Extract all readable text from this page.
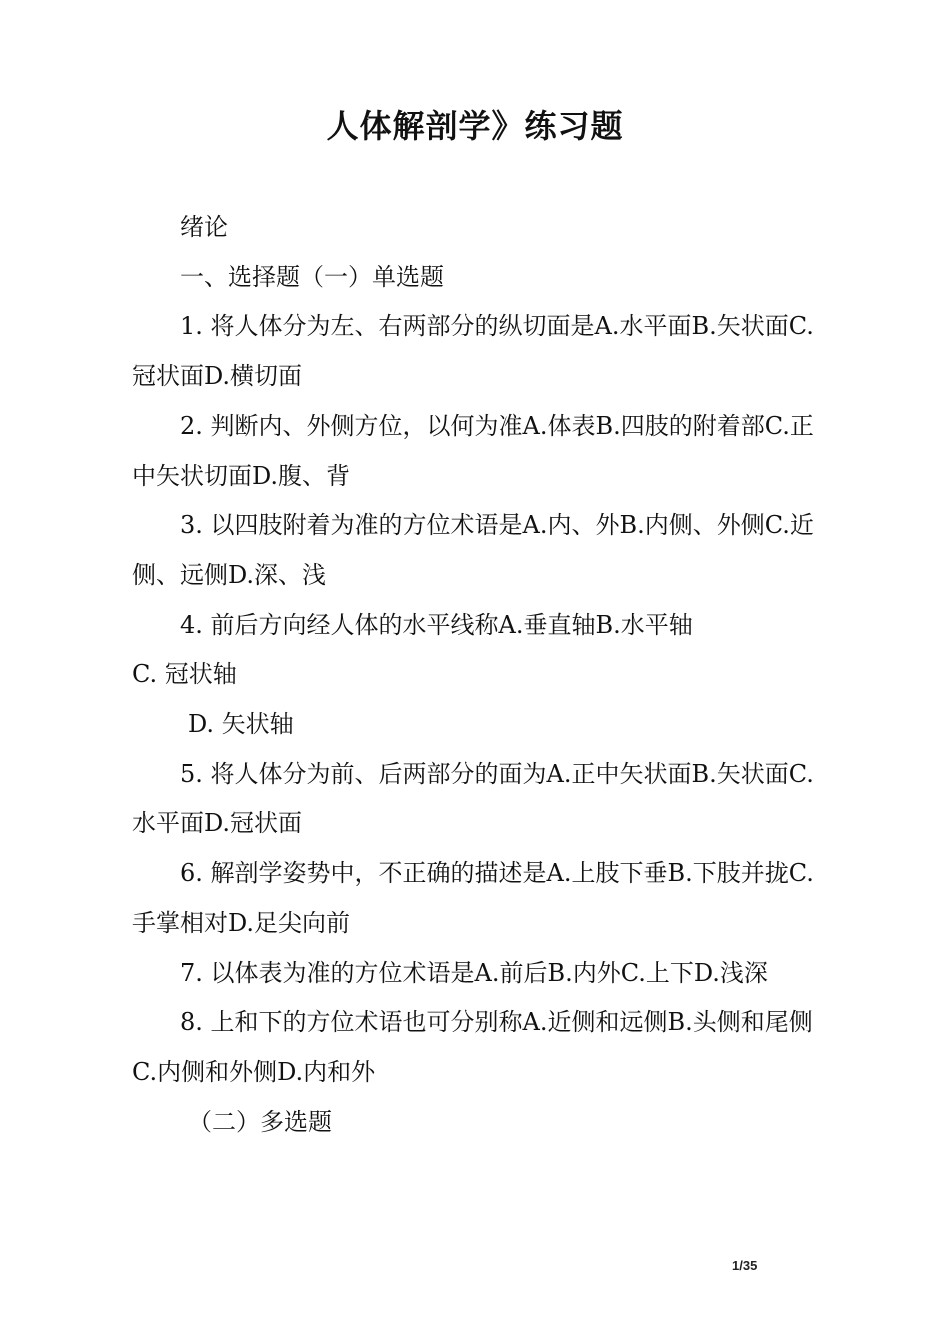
人体解剖学》练习题

绪论

一、选择题（一）单选题

1. 将人体分为左、右两部分的纵切面是A.水平面B.矢状面C.冠状面D.横切面

2. 判断内、外侧方位，以何为准A.体表B.四肢的附着部C.正中矢状切面D.腹、背

3. 以四肢附着为准的方位术语是A.内、外B.内侧、外侧C.近侧、远侧D.深、浅

4. 前后方向经人体的水平线称A.垂直轴B.水平轴

C. 冠状轴

D. 矢状轴

5. 将人体分为前、后两部分的面为A.正中矢状面B.矢状面C.水平面D.冠状面

6. 解剖学姿势中，不正确的描述是A.上肢下垂B.下肢并拢C.手掌相对D.足尖向前

7. 以体表为准的方位术语是A.前后B.内外C.上下D.浅深

8. 上和下的方位术语也可分别称A.近侧和远侧B.头侧和尾侧C.内侧和外侧D.内和外

（二）多选题

1/35
